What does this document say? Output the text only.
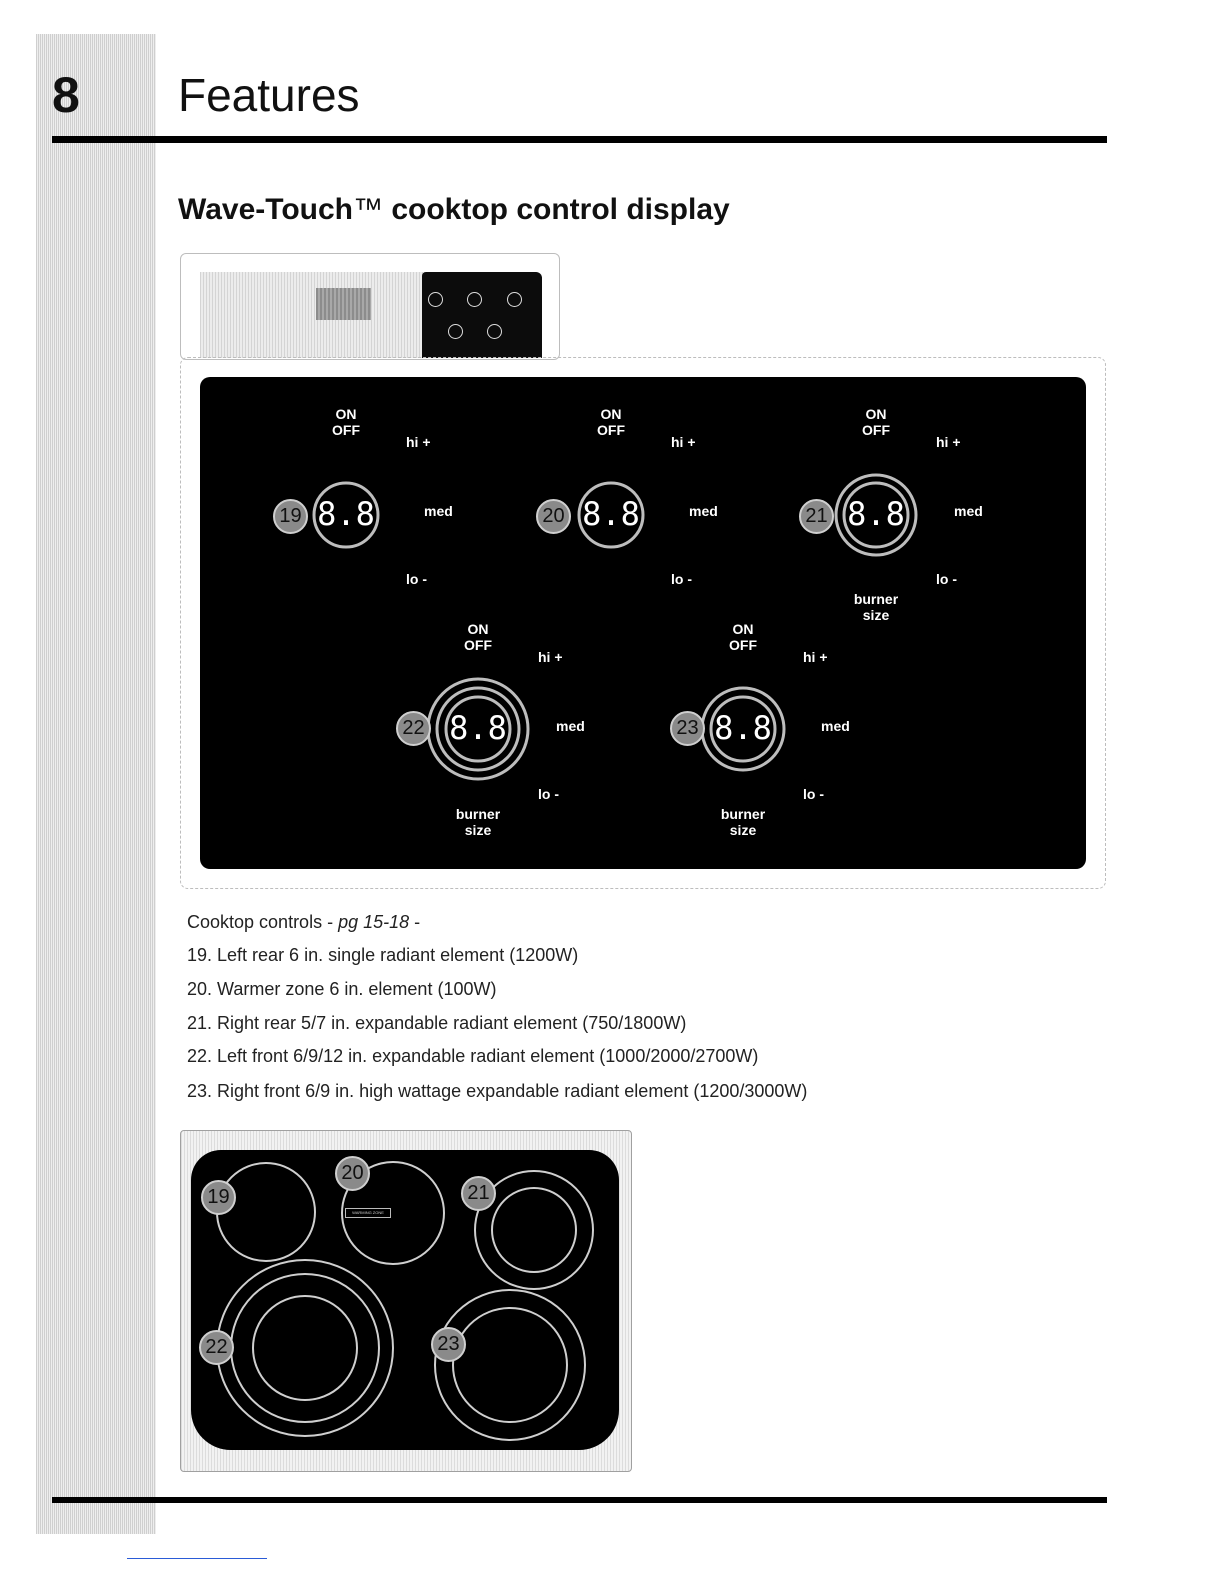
8 Features
Wave-Touch™ cooktop control display
ON
OFF
hi +
med
lo -
8.8
19
ON
OFF
hi +
med
lo -
8.8
20
ON
OFF
hi +
med
lo -
8.8
21
burner
size
ON
OFF
hi +
med
lo -
8.8
22
burner
size
ON
OFF
hi +
med
lo -
8.8
23
burner
size
Cooktop controls - pg 15-18 -
19. Left rear 6 in. single radiant element (1200W)
20. Warmer zone 6 in. element (100W)
21. Right rear 5/7 in. expandable radiant element (750/1800W)
22. Left front 6/9/12 in. expandable radiant element (1000/2000/2700W)
23. Right front 6/9 in. high wattage expandable radiant element (1200/3000W)
WARMING ZONE
19
20
21
22	23
